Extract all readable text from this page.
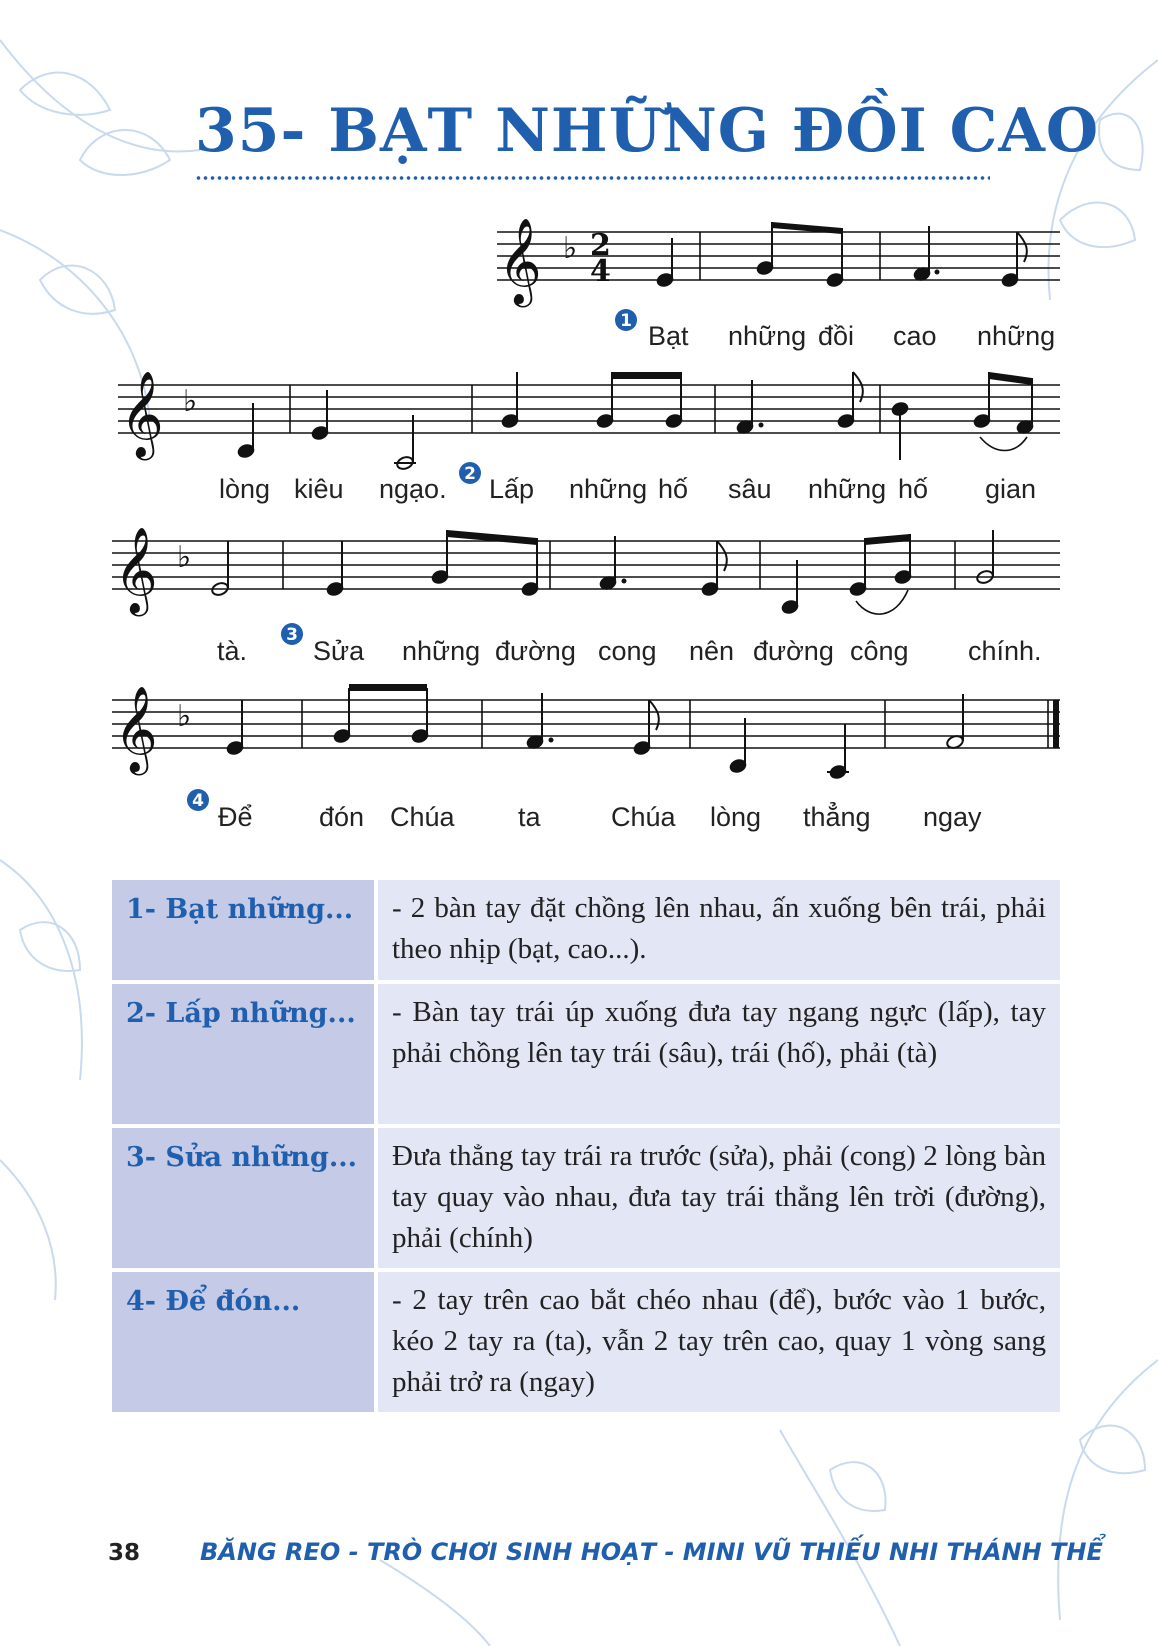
35- BẠT NHỮNG ĐỒI CAO
𝄞
𝄞
𝄞
𝄞
♭
♭
♭
♭
2
4
1
2
3
4
Bạt những đồi cao những
lòng kiêu ngạo. Lấp những hố sâu những hố gian
tà. Sửa những đường cong nên đường công chính.
Để đón Chúa ta	Chúa lòng thẳng ngay
1- Bạt những...	- 2 bàn tay đặt chồng lên nhau, ấn xuống bên trái, phải theo nhịp (bạt, cao...).
2- Lấp những...	- Bàn tay trái úp xuống đưa tay ngang ngực (lấp), tay phải chồng lên tay trái (sâu), trái (hố), phải (tà)
3- Sửa những...	Đưa thẳng tay trái ra trước (sửa), phải (cong) 2 lòng bàn tay quay vào nhau, đưa tay trái thẳng lên trời (đường), phải (chính)
4- Để đón...	- 2 tay trên cao bắt chéo nhau (để), bước vào 1 bước, kéo 2 tay ra (ta), vẫn 2 tay trên cao, quay 1 vòng sang phải trở ra (ngay)
38 BĂNG REO - TRÒ CHƠI SINH HOẠT - MINI VŨ THIẾU NHI THÁNH THỂ
